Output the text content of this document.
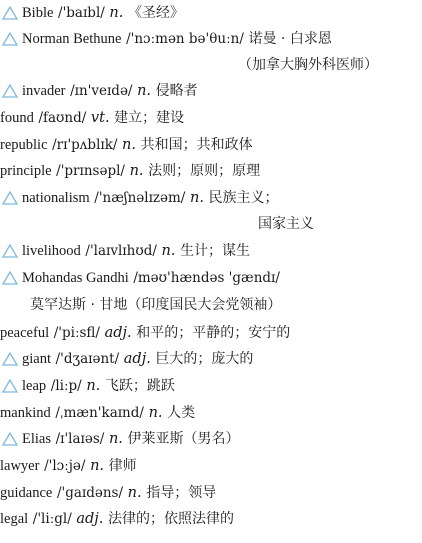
Bible /'baɪbl/ n. 《圣经》
Norman Bethune /'nɔːmən bə'θuːn/ 诺曼 · 白求恩
（加拿大胸外科医师）
invader /ɪn'veɪdə/ n. 侵略者
found /faʊnd/ vt. 建立；建设
republic /rɪ'pʌblɪk/ n. 共和国；共和政体
principle /'prɪnsəpl/ n. 法则；原则；原理
nationalism /'næʃnəlɪzəm/ n. 民族主义；
国家主义
livelihood /'laɪvlɪhʊd/ n. 生计；谋生
Mohandas Gandhi /məʊ'hændəs 'gændɪ/
莫罕达斯 · 甘地（印度国民大会党领袖）
peaceful /'piːsfl/ adj. 和平的；平静的；安宁的
giant /'dʒaɪənt/ adj. 巨大的；庞大的
leap /liːp/ n. 飞跃；跳跃
mankind /ˌmæn'kaɪnd/ n. 人类
Elias /ɪ'laɪəs/ n. 伊莱亚斯（男名）
lawyer /'lɔːjə/ n. 律师
guidance /'gaɪdəns/ n. 指导；领导
legal /'liːgl/ adj. 法律的；依照法律的
